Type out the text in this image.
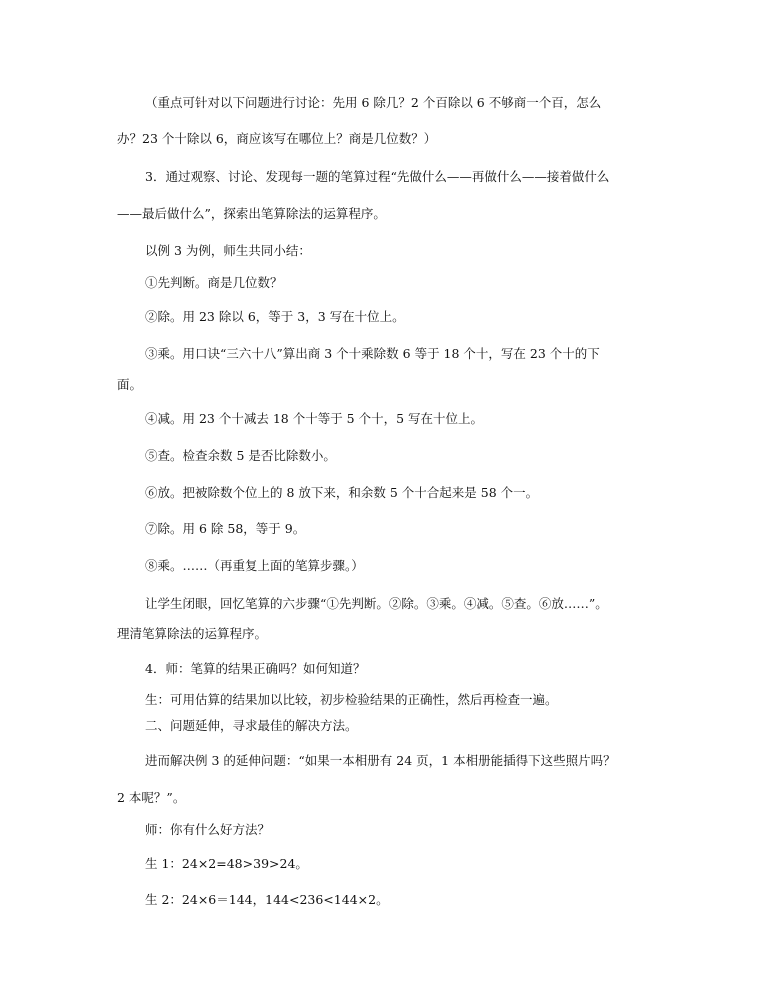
（重点可针对以下问题进行讨论：先用 6 除几？2 个百除以 6 不够商一个百，怎么
办？23 个十除以 6，商应该写在哪位上？商是几位数？）
3．通过观察、讨论、发现每一题的笔算过程“先做什么——再做什么——接着做什么
——最后做什么”，探索出笔算除法的运算程序。
以例 3 为例，师生共同小结：
①先判断。商是几位数？
②除。用 23 除以 6，等于 3，3 写在十位上。
③乘。用口诀“三六十八”算出商 3 个十乘除数 6 等于 18 个十，写在 23 个十的下
面。
④减。用 23 个十减去 18 个十等于 5 个十，5 写在十位上。
⑤查。检查余数 5 是否比除数小。
⑥放。把被除数个位上的 8 放下来，和余数 5 个十合起来是 58 个一。
⑦除。用 6 除 58，等于 9。
⑧乘。……（再重复上面的笔算步骤。）
让学生闭眼，回忆笔算的六步骤“①先判断。②除。③乘。④减。⑤查。⑥放……”。
理清笔算除法的运算程序。
4．师：笔算的结果正确吗？如何知道？
生：可用估算的结果加以比较，初步检验结果的正确性，然后再检查一遍。
二、问题延伸，寻求最佳的解决方法。
进而解决例 3 的延伸问题：“如果一本相册有 24 页，1 本相册能插得下这些照片吗？
2 本呢？”。
师：你有什么好方法？
生 1：24×2=48>39>24。
生 2：24×6＝144，144<236<144×2。
